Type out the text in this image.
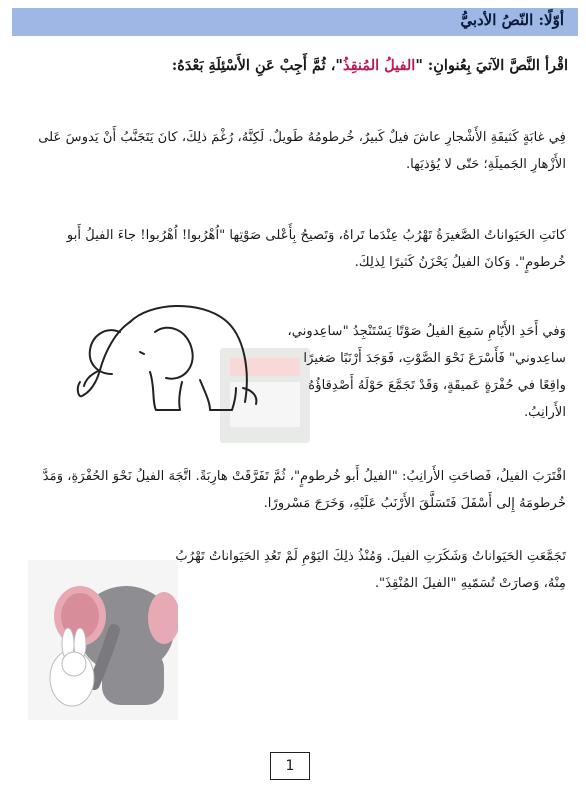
أوّلًا: النّصُ الأدبيُّ
اقْرأ النَّصَّ الآتيَ بِعُنوانِ: "الفيلُ المُنقِذُ"، ثُمَّ أَجِبْ عَنِ الأَسْئِلَةِ بَعْدَهُ:
فِي غابَةٍ كَثيفَةِ الأَشْجارِ عاشَ فيلٌ كَبيرٌ، خُرطومُهُ طَويلٌ. لَكِنَّهُ، رُغْمَ ذلِكَ، كانَ يَتَجَنَّبُ أَنْ يَدوسَ عَلى الأَزْهارِ الجَميلَةِ؛ حَتّى لا يُؤذيَها.
كانَتِ الحَيَواناتُ الصَّغيرَةُ تَهْرُبُ عِنْدَما تَراهُ، وَتَصيحُ بِأَعْلى صَوْتِها "اُهْرُبوا! اُهْرُبوا! جاءَ الفيلُ أَبو خُرطومٍ". وَكانَ الفيلُ يَحْزَنُ كَثيرًا لِذلِكَ.
وَفي أَحَدِ الأَيّامِ سَمِعَ الفيلُ صَوْتًا يَسْتَنْجِدُ "ساعِدوني، ساعِدوني" فَأَسْرَعَ نَحْوَ الصَّوْتِ، فَوَجَدَ أَرْنَبًا صَغيرًا واقِعًا في حُفْرَةٍ عَميقَةٍ، وَقَدْ تَجَمَّعَ حَوْلَهُ أَصْدِقاؤُهُ الأَرانِبُ.
اقْتَرَبَ الفيلُ، فَصاحَتِ الأَرانِبُ: "الفيلُ أَبو خُرطومٍ"، ثُمَّ تَفَرَّقَتْ هارِبَةً. اتَّجَهَ الفيلُ نَحْوَ الحُفْرَةِ، وَمَدَّ خُرطومَهُ إِلى أَسْفَلَ فَتَسَلَّقَ الأَرْنَبُ عَلَيْهِ، وَخَرَجَ مَسْرورًا.
تَجَمَّعَتِ الحَيَواناتُ وَشَكَرَتِ الفيلَ. وَمُنْذُ ذلِكَ اليَوْمِ لَمْ تَعُدِ الحَيَواناتُ تَهْرُبُ مِنْهُ، وَصارَتْ تُسَمّيهِ "الفيلَ المُنْقِذَ".
1
